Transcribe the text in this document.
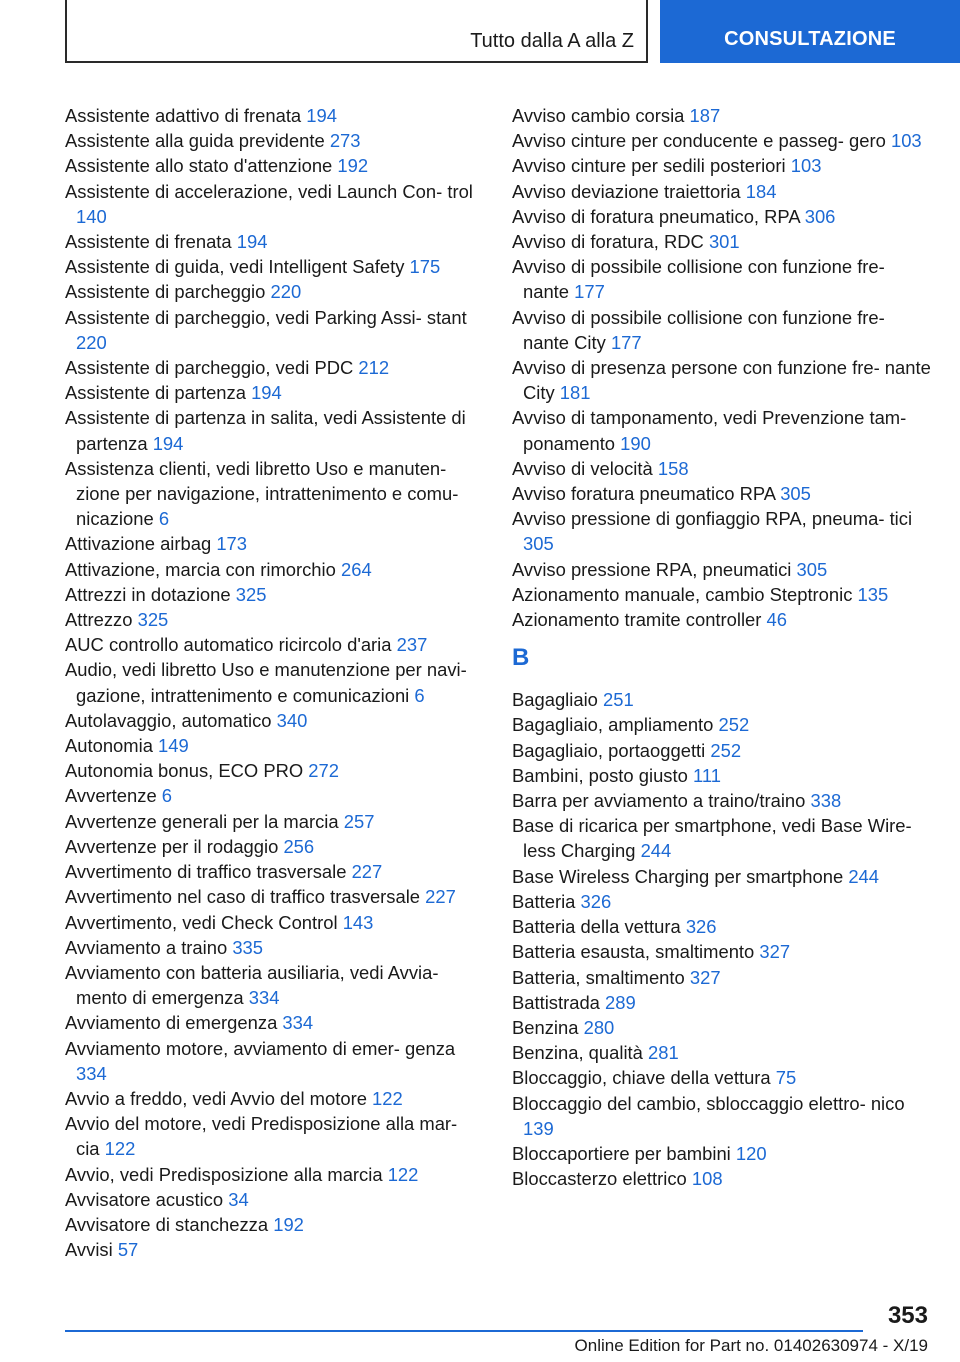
Tutto dalla A alla Z	CONSULTAZIONE
Assistente adattivo di frenata 194
Assistente alla guida previdente 273
Assistente allo stato d'attenzione 192
Assistente di accelerazione, vedi Launch Con‐ trol 140
Assistente di frenata 194
Assistente di guida, vedi Intelligent Safety 175
Assistente di parcheggio 220
Assistente di parcheggio, vedi Parking Assi‐ stant 220
Assistente di parcheggio, vedi PDC 212
Assistente di partenza 194
Assistente di partenza in salita, vedi Assistente di partenza 194
Assistenza clienti, vedi libretto Uso e manuten‐ zione per navigazione, intrattenimento e comu‐ nicazione 6
Attivazione airbag 173
Attivazione, marcia con rimorchio 264
Attrezzi in dotazione 325
Attrezzo 325
AUC controllo automatico ricircolo d'aria 237
Audio, vedi libretto Uso e manutenzione per navi‐ gazione, intrattenimento e comunicazioni 6
Autolavaggio, automatico 340
Autonomia 149
Autonomia bonus, ECO PRO 272
Avvertenze 6
Avvertenze generali per la marcia 257
Avvertenze per il rodaggio 256
Avvertimento di traffico trasversale 227
Avvertimento nel caso di traffico trasversale 227
Avvertimento, vedi Check Control 143
Avviamento a traino 335
Avviamento con batteria ausiliaria, vedi Avvia‐ mento di emergenza 334
Avviamento di emergenza 334
Avviamento motore, avviamento di emer‐ genza 334
Avvio a freddo, vedi Avvio del motore 122
Avvio del motore, vedi Predisposizione alla mar‐ cia 122
Avvio, vedi Predisposizione alla marcia 122
Avvisatore acustico 34
Avvisatore di stanchezza 192
Avvisi 57
Avviso cambio corsia 187
Avviso cinture per conducente e passeg‐ gero 103
Avviso cinture per sedili posteriori 103
Avviso deviazione traiettoria 184
Avviso di foratura pneumatico, RPA 306
Avviso di foratura, RDC 301
Avviso di possibile collisione con funzione fre‐ nante 177
Avviso di possibile collisione con funzione fre‐ nante City 177
Avviso di presenza persone con funzione fre‐ nante City 181
Avviso di tamponamento, vedi Prevenzione tam‐ ponamento 190
Avviso di velocità 158
Avviso foratura pneumatico RPA 305
Avviso pressione di gonfiaggio RPA, pneuma‐ tici 305
Avviso pressione RPA, pneumatici 305
Azionamento manuale, cambio Steptronic 135
Azionamento tramite controller 46
B
Bagagliaio 251
Bagagliaio, ampliamento 252
Bagagliaio, portaoggetti 252
Bambini, posto giusto 111
Barra per avviamento a traino/traino 338
Base di ricarica per smartphone, vedi Base Wire‐ less Charging 244
Base Wireless Charging per smartphone 244
Batteria 326
Batteria della vettura 326
Batteria esausta, smaltimento 327
Batteria, smaltimento 327
Battistrada 289
Benzina 280
Benzina, qualità 281
Bloccaggio, chiave della vettura 75
Bloccaggio del cambio, sbloccaggio elettro‐ nico 139
Bloccaportiere per bambini 120
Bloccasterzo elettrico 108
353
Online Edition for Part no. 01402630974 - X/19
